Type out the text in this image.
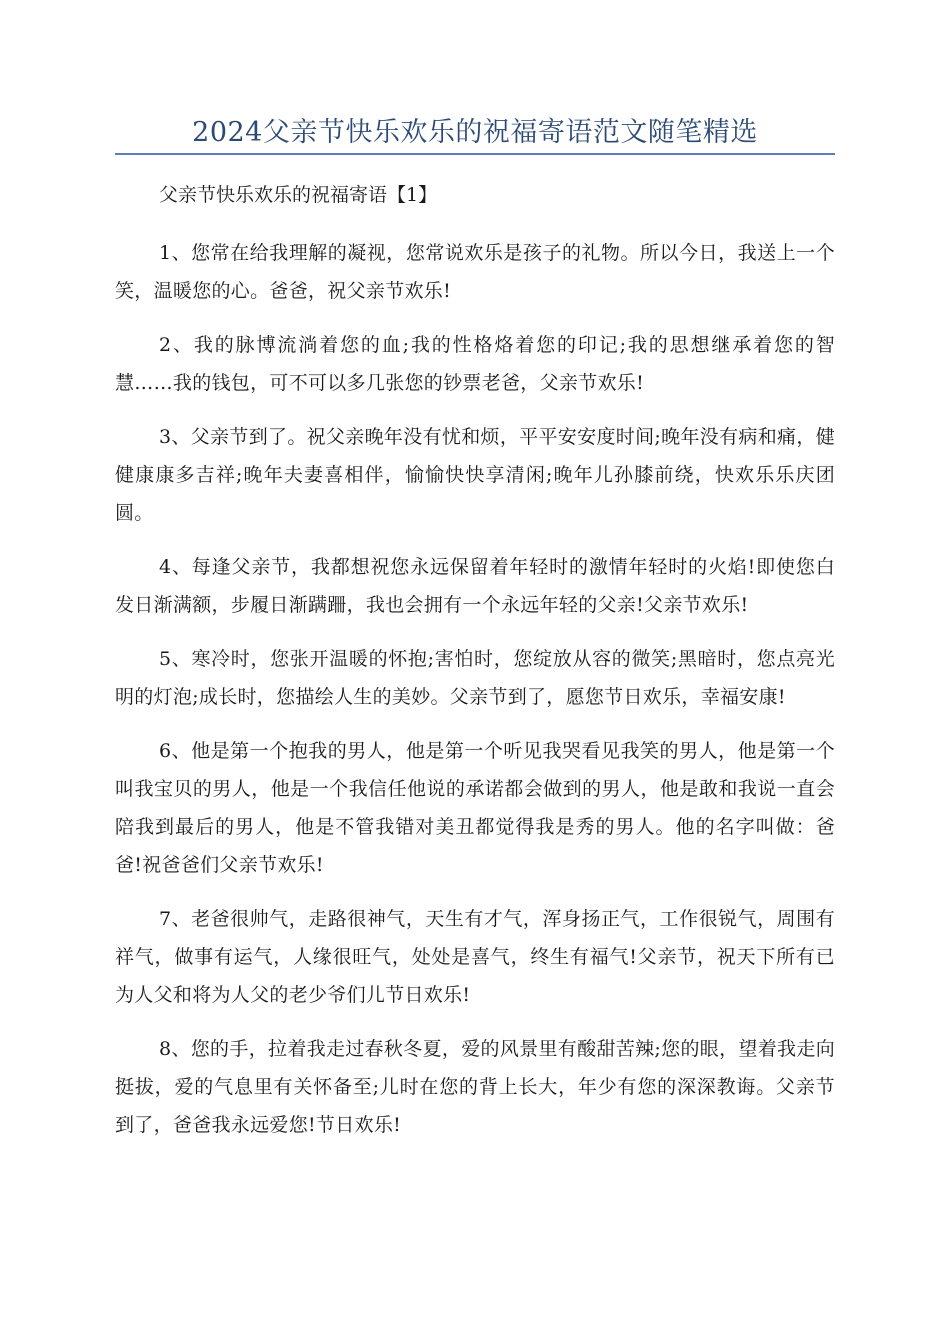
2024父亲节快乐欢乐的祝福寄语范文随笔精选

父亲节快乐欢乐的祝福寄语【1】

1、您常在给我理解的凝视，您常说欢乐是孩子的礼物。所以今日，我送上一个笑，温暖您的心。爸爸，祝父亲节欢乐!

2、我的脉博流淌着您的血;我的性格烙着您的印记;我的思想继承着您的智慧……我的钱包，可不可以多几张您的钞票老爸，父亲节欢乐!

3、父亲节到了。祝父亲晚年没有忧和烦，平平安安度时间;晚年没有病和痛，健健康康多吉祥;晚年夫妻喜相伴，愉愉快快享清闲;晚年儿孙膝前绕，快欢乐乐庆团圆。

4、每逢父亲节，我都想祝您永远保留着年轻时的激情年轻时的火焰!即使您白发日渐满额，步履日渐蹒跚，我也会拥有一个永远年轻的父亲!父亲节欢乐!

5、寒冷时，您张开温暖的怀抱;害怕时，您绽放从容的微笑;黑暗时，您点亮光明的灯泡;成长时，您描绘人生的美妙。父亲节到了，愿您节日欢乐，幸福安康!

6、他是第一个抱我的男人，他是第一个听见我哭看见我笑的男人，他是第一个叫我宝贝的男人，他是一个我信任他说的承诺都会做到的男人，他是敢和我说一直会陪我到最后的男人，他是不管我错对美丑都觉得我是秀的男人。他的名字叫做：爸爸!祝爸爸们父亲节欢乐!

7、老爸很帅气，走路很神气，天生有才气，浑身扬正气，工作很锐气，周围有祥气，做事有运气，人缘很旺气，处处是喜气，终生有福气!父亲节，祝天下所有已为人父和将为人父的老少爷们儿节日欢乐!

8、您的手，拉着我走过春秋冬夏，爱的风景里有酸甜苦辣;您的眼，望着我走向挺拔，爱的气息里有关怀备至;儿时在您的背上长大，年少有您的深深教诲。父亲节到了，爸爸我永远爱您!节日欢乐!
